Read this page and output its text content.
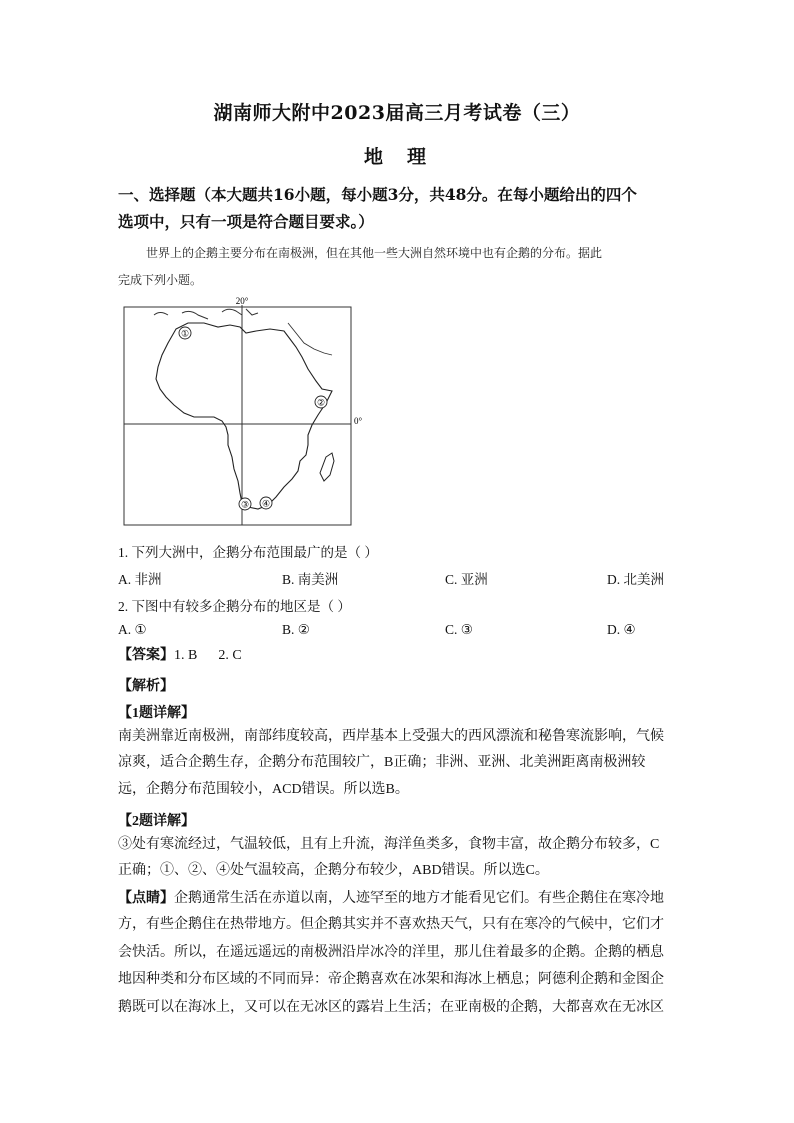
湖南师大附中2023届高三月考试卷（三）
地理
一、选择题（本大题共16小题，每小题3分，共48分。在每小题给出的四个
选项中，只有一项是符合题目要求。）
世界上的企鹅主要分布在南极洲，但在其他一些大洲自然环境中也有企鹅的分布。据此
完成下列小题。
20°
0°
①
②
③ ④
1. 下列大洲中，企鹅分布范围最广的是（ ）
A. 非洲	B. 南美洲	C. 亚洲	D. 北美洲
2. 下图中有较多企鹅分布的地区是（ ）
A. ①	B. ②	C. ③	D. ④
【答案】1. B      2. C
【解析】
【1题详解】
南美洲靠近南极洲，南部纬度较高，西岸基本上受强大的西风漂流和秘鲁寒流影响，气候
凉爽，适合企鹅生存，企鹅分布范围较广，B正确；非洲、亚洲、北美洲距离南极洲较
远，企鹅分布范围较小，ACD错误。所以选B。
【2题详解】
③处有寒流经过，气温较低，且有上升流，海洋鱼类多，食物丰富，故企鹅分布较多，C
正确；①、②、④处气温较高，企鹅分布较少，ABD错误。所以选C。
【点睛】企鹅通常生活在赤道以南，人迹罕至的地方才能看见它们。有些企鹅住在寒冷地
方，有些企鹅住在热带地方。但企鹅其实并不喜欢热天气，只有在寒冷的气候中，它们才
会快活。所以，在遥远遥远的南极洲沿岸冰冷的洋里，那儿住着最多的企鹅。企鹅的栖息
地因种类和分布区域的不同而异：帝企鹅喜欢在冰架和海冰上栖息；阿德利企鹅和金图企
鹅既可以在海冰上，又可以在无冰区的露岩上生活；在亚南极的企鹅，大都喜欢在无冰区
